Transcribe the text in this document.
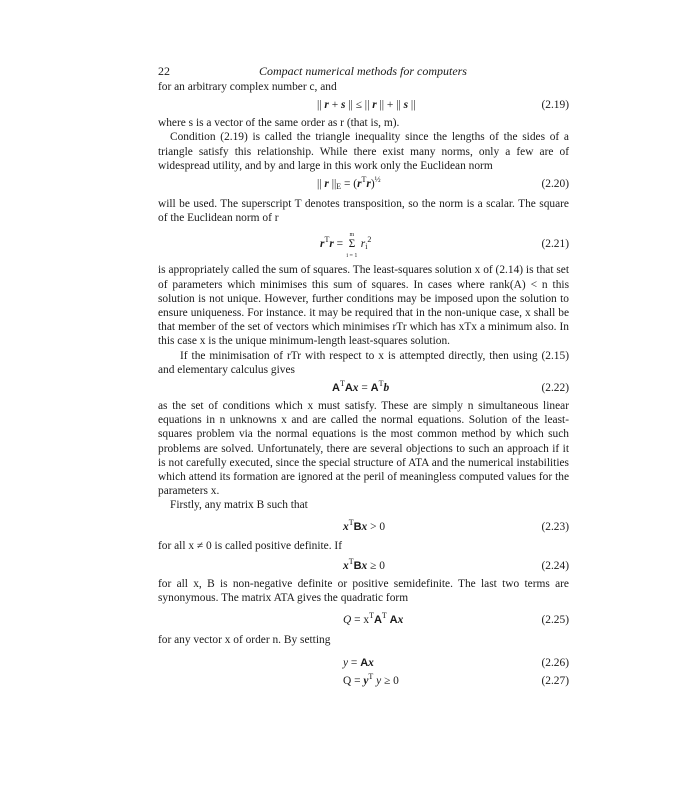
22	Compact numerical methods for computers

for an arbitrary complex number c, and

|| r + s || ≤ || r || + || s ||	(2.19)

where s is a vector of the same order as r (that is, m).

Condition (2.19) is called the triangle inequality since the lengths of the sides of a triangle satisfy this relationship. While there exist many norms, only a few are of widespread utility, and by and large in this work only the Euclidean norm

|| r $||_E = (r^Tr)^{\frac{1}{2}}$	(2.20)

will be used. The superscript T denotes transposition, so the norm is a scalar. The square of the Euclidean norm of r

$r^Tr$ =
m
Σ
i = 1
$r_i^2$	(2.21)

is appropriately called the sum of squares. The least-squares solution x of (2.14) is that set of parameters which minimises this sum of squares. In cases where rank(A) < n this solution is not unique. However, further conditions may be imposed upon the solution to ensure uniqueness. For instance. it may be required that in the non-unique case, x shall be that member of the set of vectors which minimises rTr which has xTx a minimum also. In this case x is the unique minimum-length least-squares solution.

If the minimisation of rTr with respect to x is attempted directly, then using (2.15) and elementary calculus gives

$A^TAx = A^Tb$	(2.22)

as the set of conditions which x must satisfy. These are simply n simultaneous linear equations in n unknowns x and are called the normal equations. Solution of the least-squares problem via the normal equations is the most common method by which such problems are solved. Unfortunately, there are several objections to such an approach if it is not carefully executed, since the special structure of ATA and the numerical instabilities which attend its formation are ignored at the peril of meaningless computed values for the parameters x.

Firstly, any matrix B such that

$x^TBx > 0$	(2.23)

for all x ≠ 0 is called positive definite. If

$x^TBx \ge 0$	(2.24)

for all x, B is non-negative definite or positive semidefinite. The last two terms are synonymous. The matrix ATA gives the quadratic form

$Q = x^TA^T$ Ax	(2.25)

for any vector x of order n. By setting

y = Ax	(2.26)
$Q = y^T$ y ≥ 0	(2.27)
